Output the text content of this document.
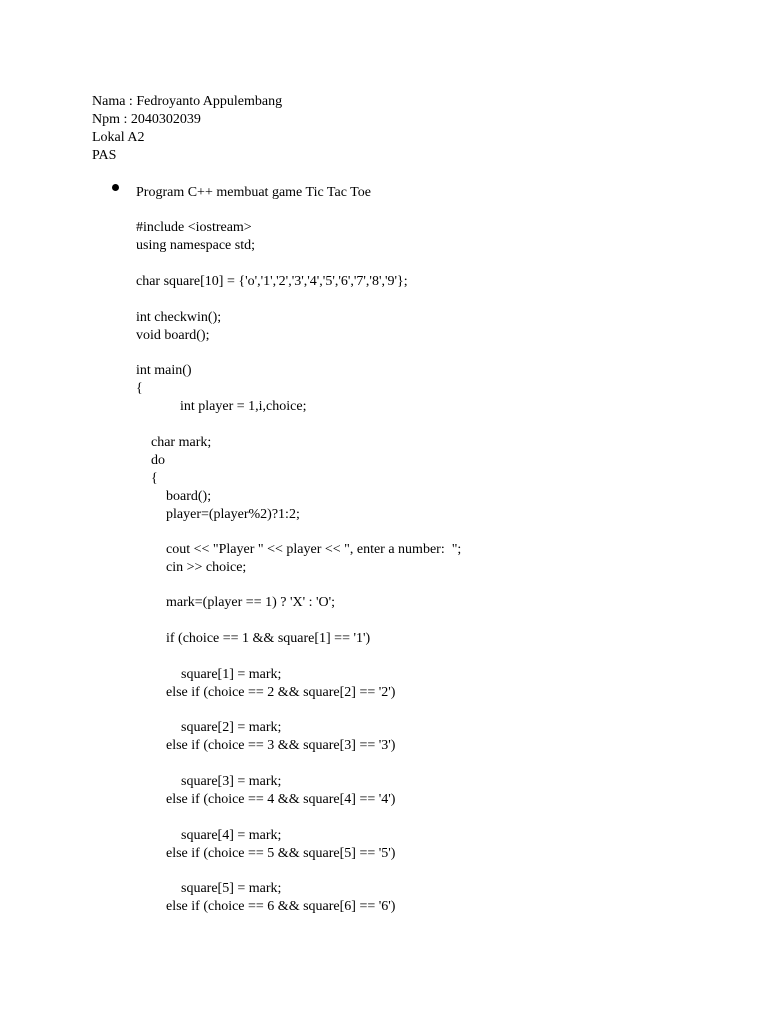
Nama : Fedroyanto Appulembang
Npm : 2040302039
Lokal A2
PAS
Program C++ membuat game Tic Tac Toe
#include <iostream>
using namespace std;
char square[10] = {'o','1','2','3','4','5','6','7','8','9'};
int checkwin();
void board();
int main()
{
int player = 1,i,choice;
char mark;
do
{
board();
player=(player%2)?1:2;
cout << "Player " << player << ", enter a number:  ";
cin >> choice;
mark=(player == 1) ? 'X' : 'O';
if (choice == 1 && square[1] == '1')
square[1] = mark;
else if (choice == 2 && square[2] == '2')
square[2] = mark;
else if (choice == 3 && square[3] == '3')
square[3] = mark;
else if (choice == 4 && square[4] == '4')
square[4] = mark;
else if (choice == 5 && square[5] == '5')
square[5] = mark;
else if (choice == 6 && square[6] == '6')
